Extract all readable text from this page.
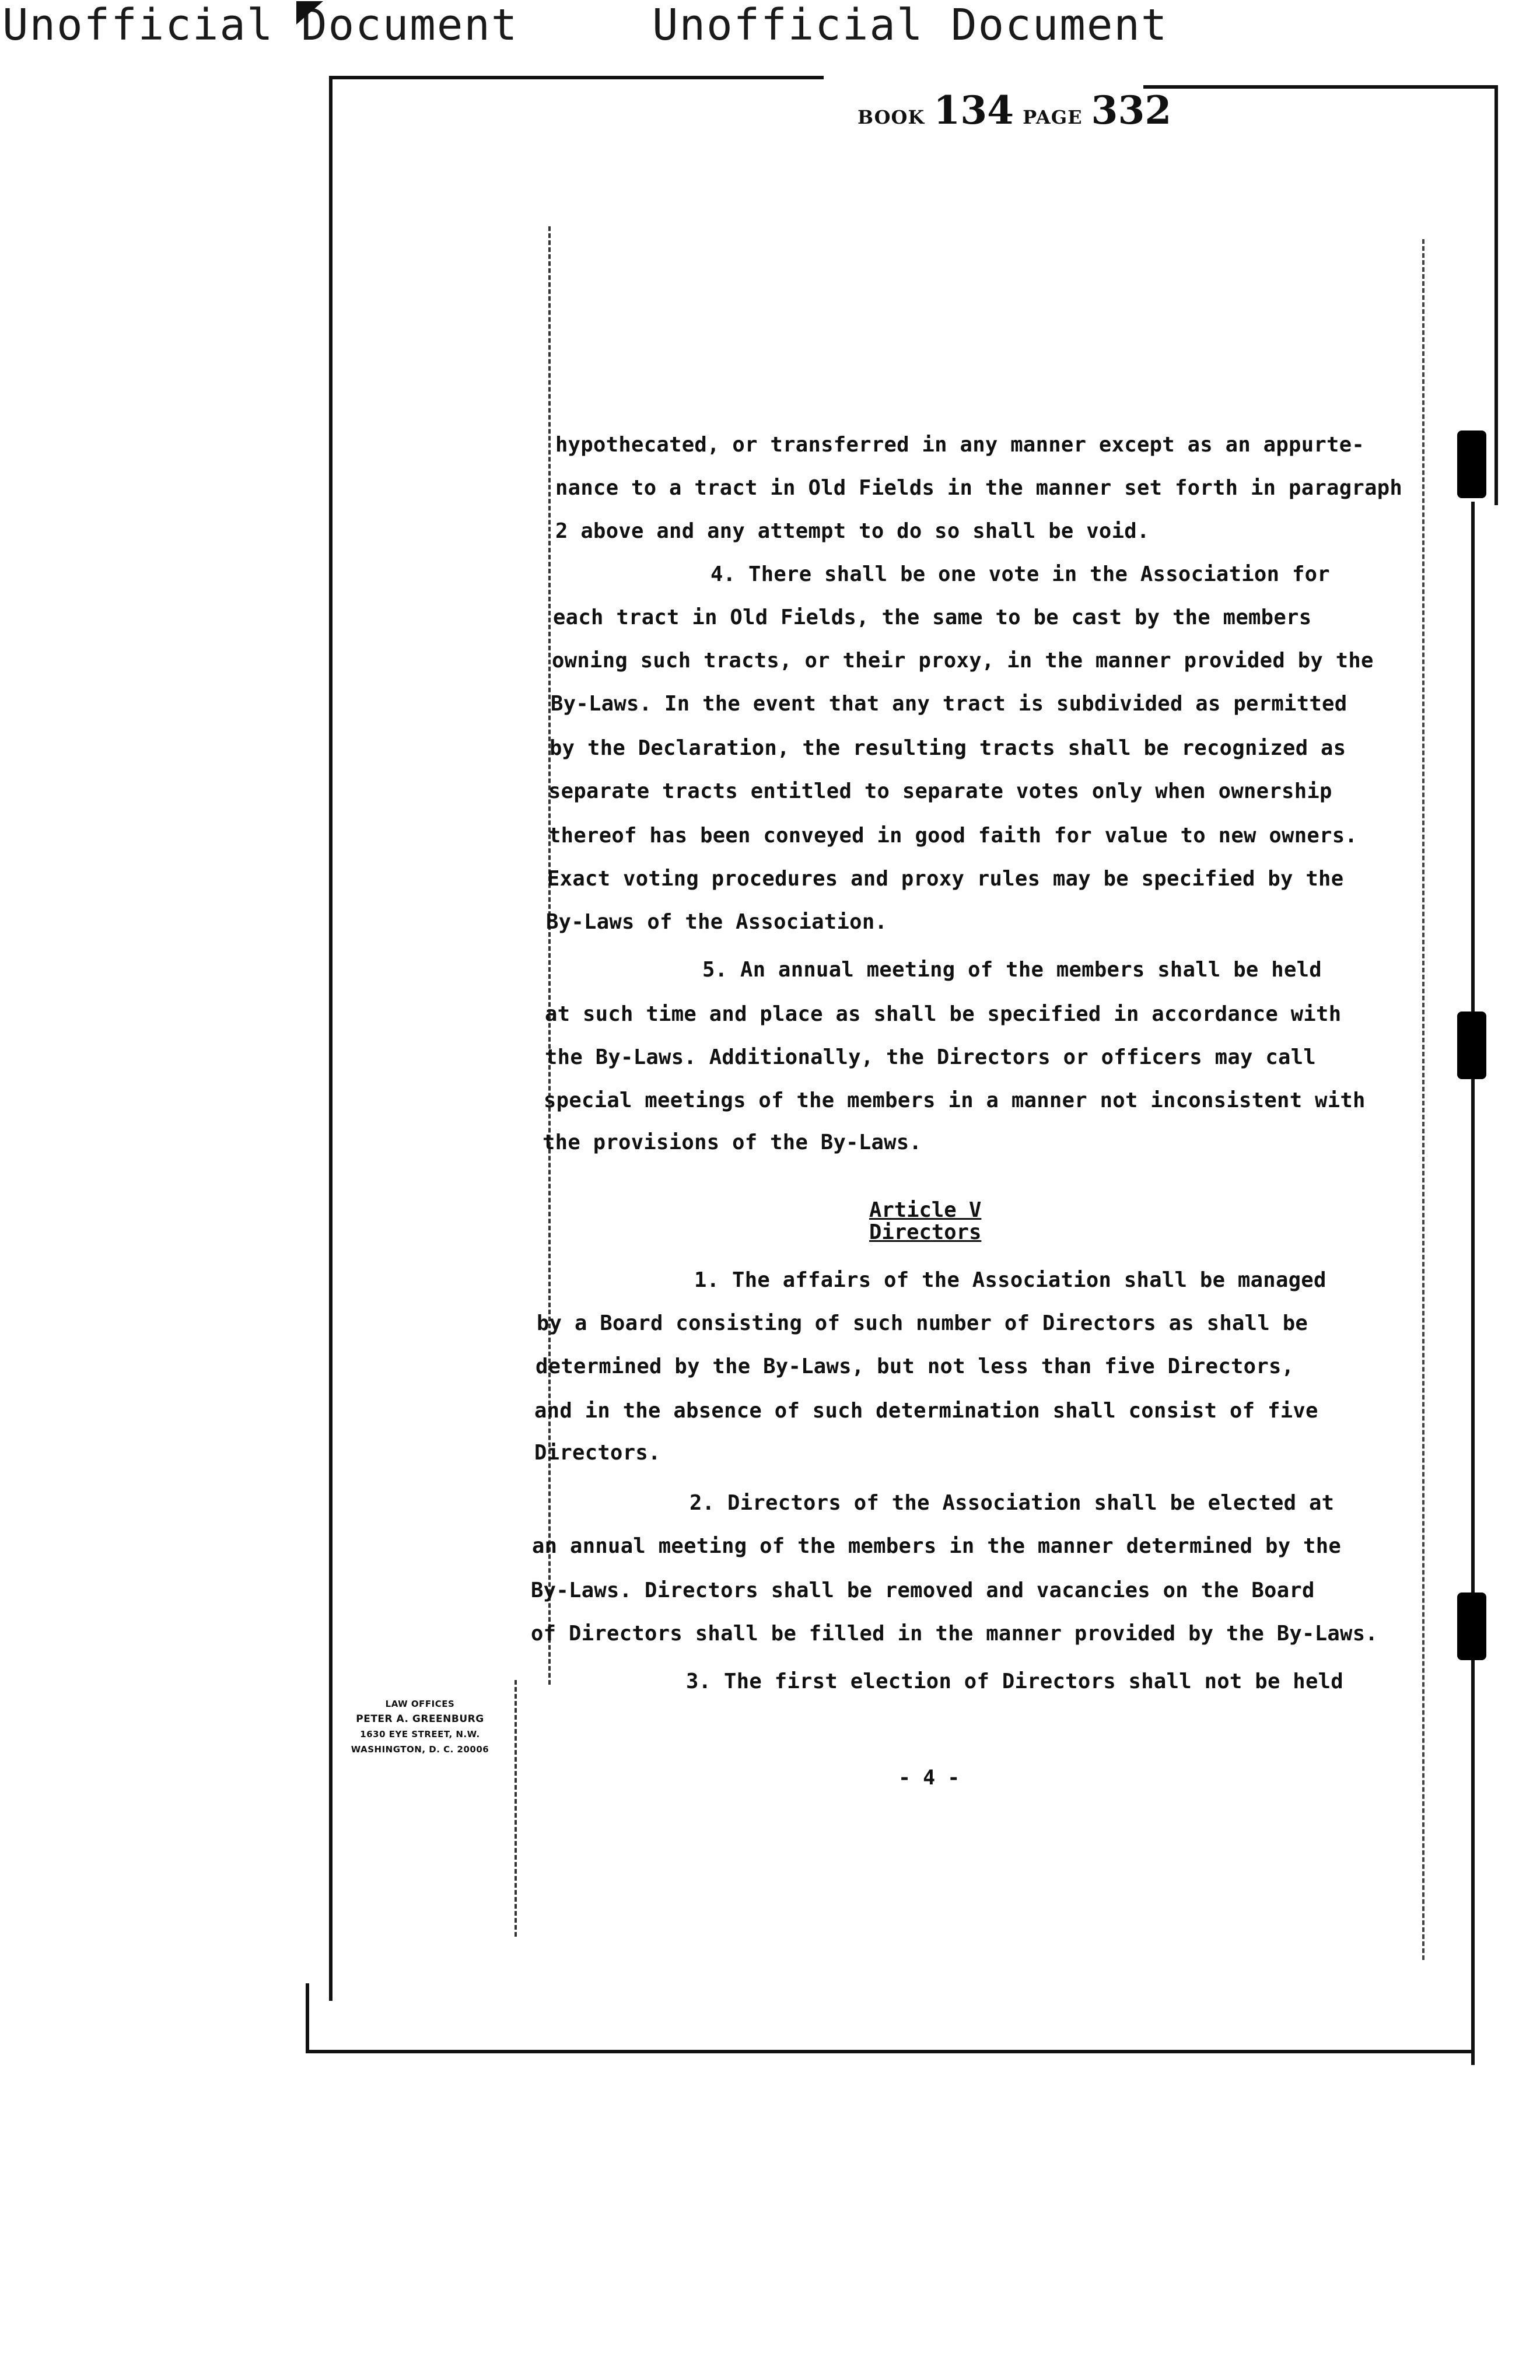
Unofficial Document	Unofficial Document
BOOK 134 PAGE 332
hypothecated, or transferred in any manner except as an appurte-
nance to a tract in Old Fields in the manner set forth in paragraph
2 above and any attempt to do so shall be void.
4. There shall be one vote in the Association for
each tract in Old Fields, the same to be cast by the members
owning such tracts, or their proxy, in the manner provided by the
By-Laws. In the event that any tract is subdivided as permitted
by the Declaration, the resulting tracts shall be recognized as
separate tracts entitled to separate votes only when ownership
thereof has been conveyed in good faith for value to new owners.
Exact voting procedures and proxy rules may be specified by the
By-Laws of the Association.
5. An annual meeting of the members shall be held
at such time and place as shall be specified in accordance with
the By-Laws. Additionally, the Directors or officers may call
special meetings of the members in a manner not inconsistent with
the provisions of the By-Laws.
Article V
Directors
1. The affairs of the Association shall be managed
by a Board consisting of such number of Directors as shall be
determined by the By-Laws, but not less than five Directors,
and in the absence of such determination shall consist of five
Directors.
2. Directors of the Association shall be elected at
an annual meeting of the members in the manner determined by the
By-Laws. Directors shall be removed and vacancies on the Board
of Directors shall be filled in the manner provided by the By-Laws.
3. The first election of Directors shall not be held
LAW OFFICES
PETER A. GREENBURG
1630 EYE STREET, N.W.
WASHINGTON, D. C. 20006
- 4 -
